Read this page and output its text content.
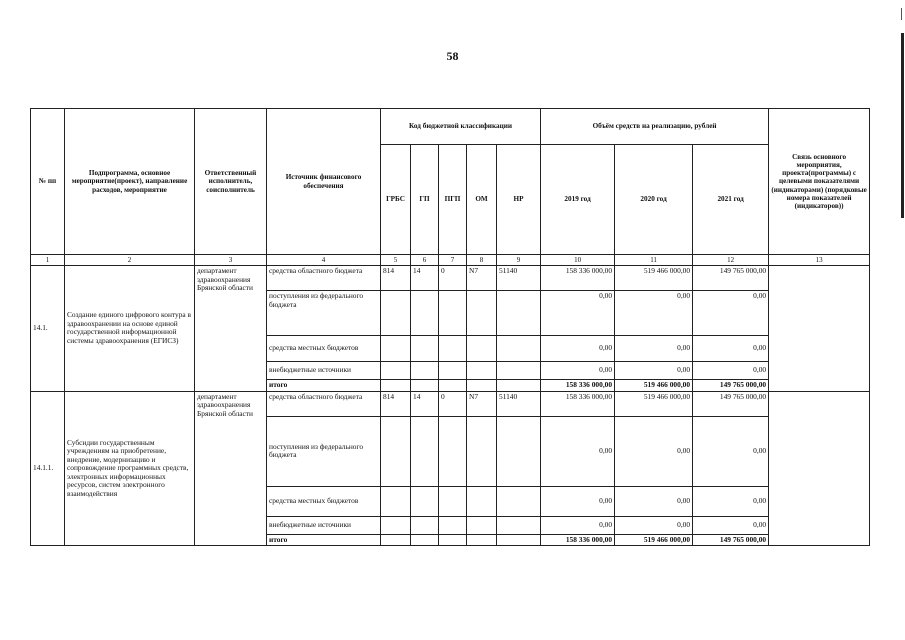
58
№ пп	Подпрограмма, основное мероприятие(проект), направление расходов, мероприятие	Ответственный исполнитель, соисполнитель	Источник финансового обеспечения	Код бюджетной классификации					Объём средств на реализацию, рублей			Связь основного мероприятия, проекта(программы) с целевыми показателями (индикаторами) (порядковые номера показателей (индикаторов))
				ГРБС	ГП	ПГП	ОМ	НР	2019 год	2020 год	2021 год	
1	2	3	4	5	6	7	8	9	10	11	12	13
14.1.	Создание единого цифрового контура в здравоохранении на основе единой государственной информационной системы здравоохранения (ЕГИСЗ)	департамент здравоохранения Брянской области	средства областного бюджета	814	14	0	N7	51140	158 336 000,00	519 466 000,00	149 765 000,00	
			поступления из федерального бюджета						0,00	0,00	0,00	
			средства местных бюджетов						0,00	0,00	0,00	
			внебюджетные источники						0,00	0,00	0,00	
			итого						158 336 000,00	519 466 000,00	149 765 000,00	
14.1.1.	Субсидии государственным учреждениям на приобретение, внедрение, модернизацию и сопровождение программных средств, электронных информационных ресурсов, систем электронного взаимодействия	департамент здравоохранения Брянской области	средства областного бюджета	814	14	0	N7	51140	158 336 000,00	519 466 000,00	149 765 000,00	
			поступления из федерального бюджета						0,00	0,00	0,00	
			средства местных бюджетов						0,00	0,00	0,00	
			внебюджетные источники						0,00	0,00	0,00	
			итого						158 336 000,00	519 466 000,00	149 765 000,00	
